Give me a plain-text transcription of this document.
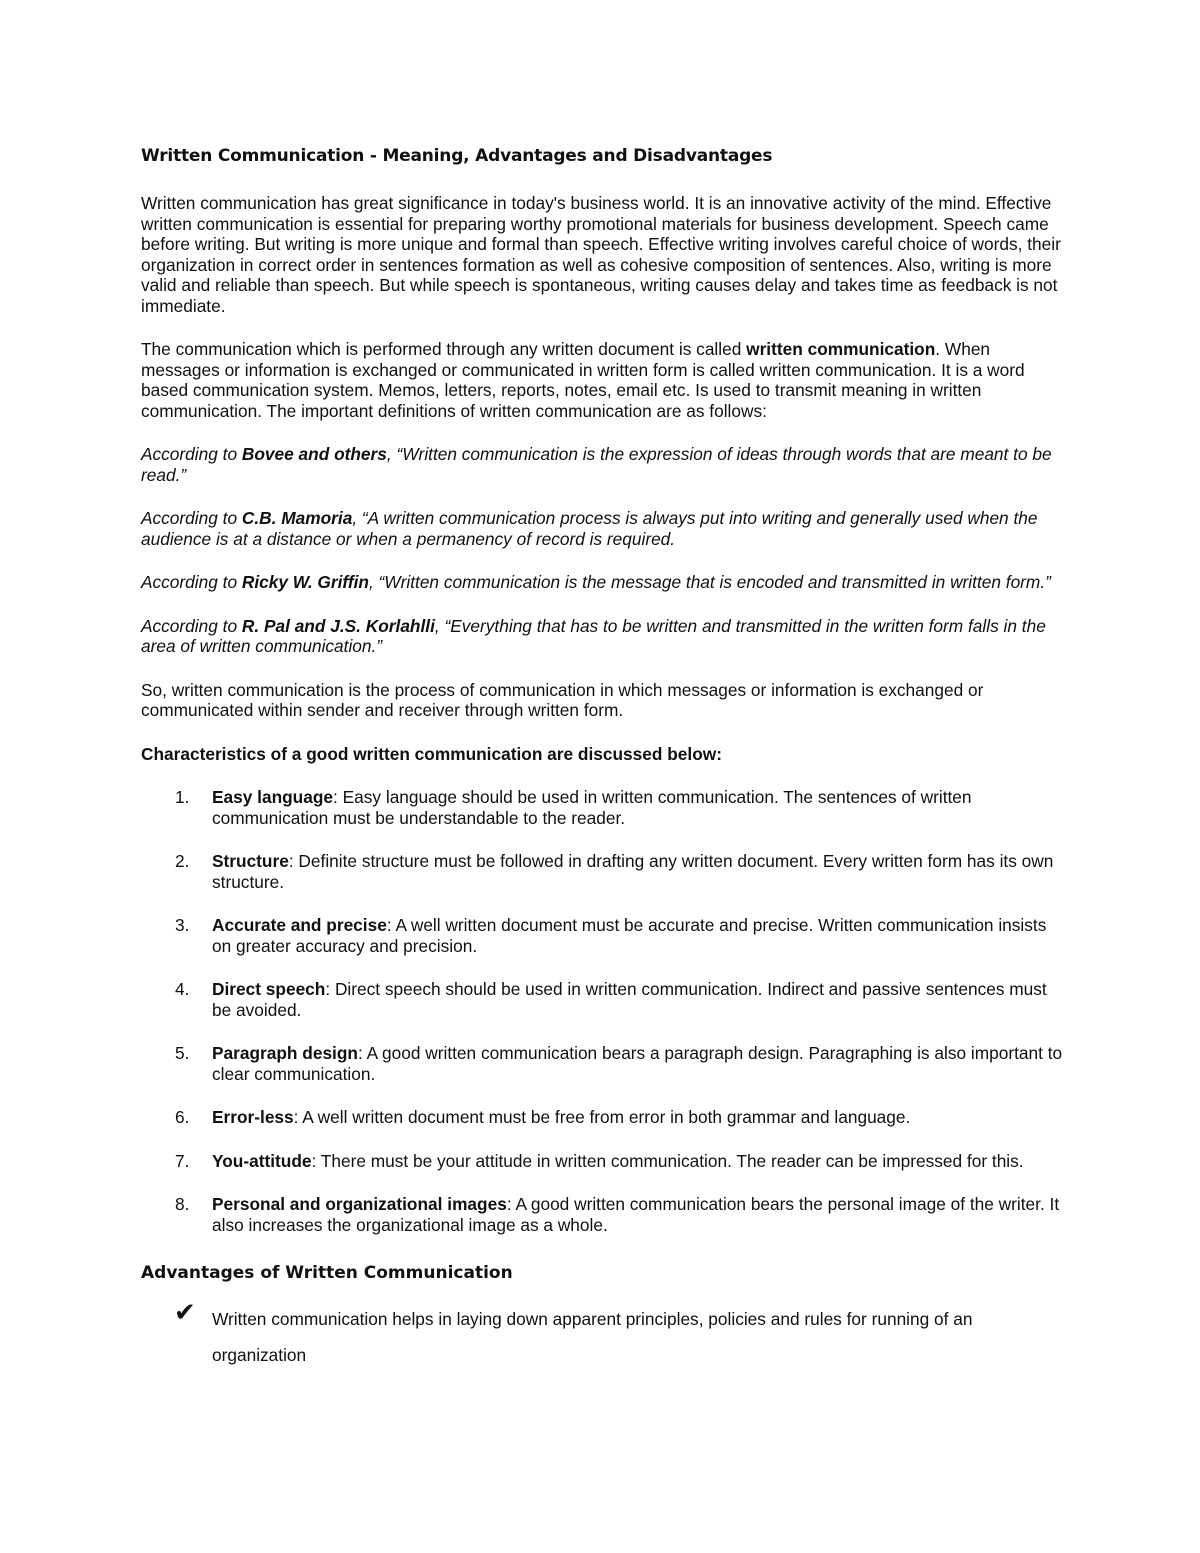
Written Communication - Meaning, Advantages and Disadvantages

Written communication has great significance in today's business world. It is an innovative activity of the mind. Effective written communication is essential for preparing worthy promotional materials for business development. Speech came before writing. But writing is more unique and formal than speech. Effective writing involves careful choice of words, their organization in correct order in sentences formation as well as cohesive composition of sentences. Also, writing is more valid and reliable than speech. But while speech is spontaneous, writing causes delay and takes time as feedback is not immediate.

The communication which is performed through any written document is called written communication. When messages or information is exchanged or communicated in written form is called written communication. It is a word based communication system. Memos, letters, reports, notes, email etc. Is used to transmit meaning in written communication. The important definitions of written communication are as follows:

According to Bovee and others, “Written communication is the expression of ideas through words that are meant to be read.”

According to C.B. Mamoria, “A written communication process is always put into writing and generally used when the audience is at a distance or when a permanency of record is required.

According to Ricky W. Griffin, “Written communication is the message that is encoded and transmitted in written form.”

According to R. Pal and J.S. Korlahlli, “Everything that has to be written and transmitted in the written form falls in the area of written communication.”

So, written communication is the process of communication in which messages or information is exchanged or communicated within sender and receiver through written form.

Characteristics of a good written communication are discussed below:
1. Easy language: Easy language should be used in written communication. The sentences of written communication must be understandable to the reader.
2. Structure: Definite structure must be followed in drafting any written document. Every written form has its own structure.
3. Accurate and precise: A well written document must be accurate and precise. Written communication insists on greater accuracy and precision.
4. Direct speech: Direct speech should be used in written communication. Indirect and passive sentences must be avoided.
5. Paragraph design: A good written communication bears a paragraph design. Paragraphing is also important to clear communication.
6. Error-less: A well written document must be free from error in both grammar and language.
7. You-attitude: There must be your attitude in written communication. The reader can be impressed for this.
8. Personal and organizational images: A good written communication bears the personal image of the writer. It also increases the organizational image as a whole.
Advantages of Written Communication
✔ Written communication helps in laying down apparent principles, policies and rules for running of an organization
